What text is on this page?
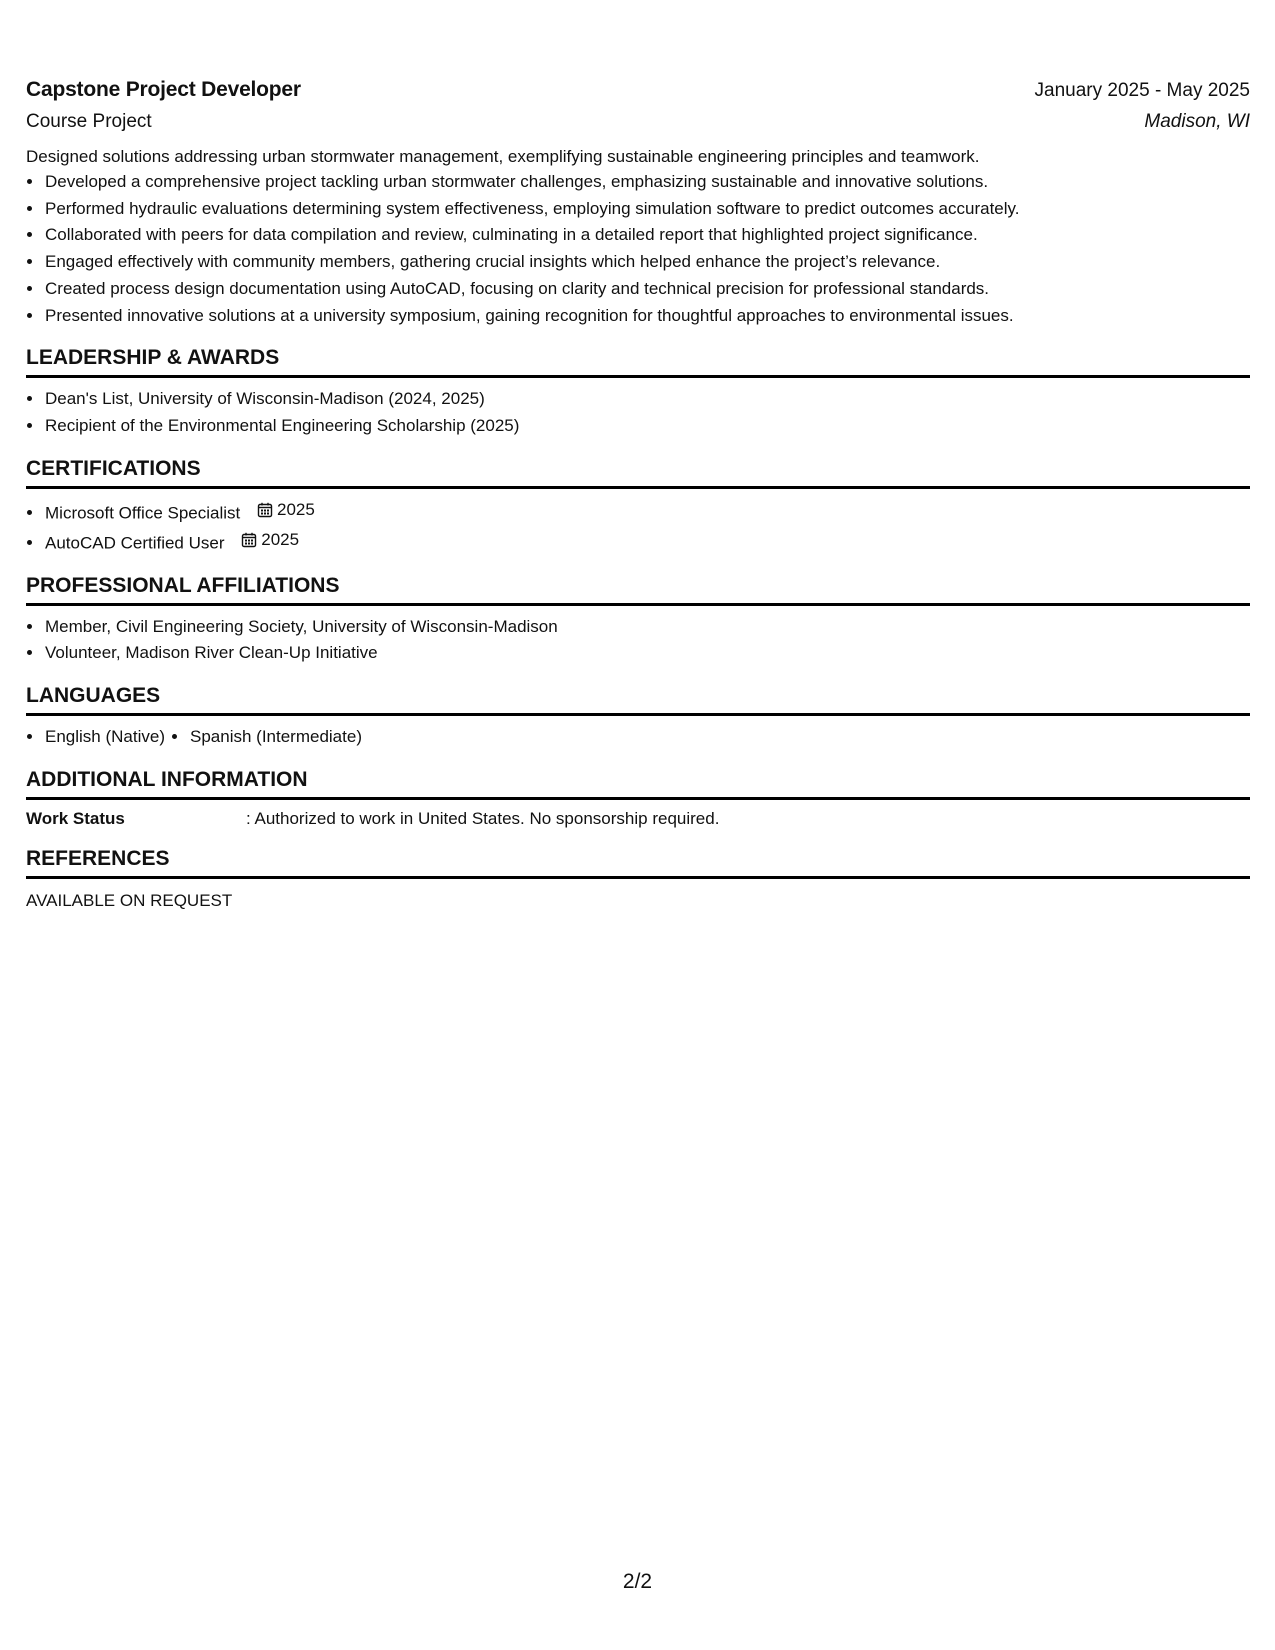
Capstone Project Developer	January 2025 - May 2025
Course Project	Madison, WI
Designed solutions addressing urban stormwater management, exemplifying sustainable engineering principles and teamwork.
• Developed a comprehensive project tackling urban stormwater challenges, emphasizing sustainable and innovative solutions.
• Performed hydraulic evaluations determining system effectiveness, employing simulation software to predict outcomes accurately.
• Collaborated with peers for data compilation and review, culminating in a detailed report that highlighted project significance.
• Engaged effectively with community members, gathering crucial insights which helped enhance the project’s relevance.
• Created process design documentation using AutoCAD, focusing on clarity and technical precision for professional standards.
• Presented innovative solutions at a university symposium, gaining recognition for thoughtful approaches to environmental issues.
LEADERSHIP & AWARDS
• Dean's List, University of Wisconsin-Madison (2024, 2025)
• Recipient of the Environmental Engineering Scholarship (2025)
CERTIFICATIONS
• Microsoft Office Specialist 2025
• AutoCAD Certified User 2025
PROFESSIONAL AFFILIATIONS
• Member, Civil Engineering Society, University of Wisconsin-Madison
• Volunteer, Madison River Clean-Up Initiative
LANGUAGES
• English (Native)
• Spanish (Intermediate)
ADDITIONAL INFORMATION
Work Status	: Authorized to work in United States. No sponsorship required.
REFERENCES
AVAILABLE ON REQUEST
2/2
